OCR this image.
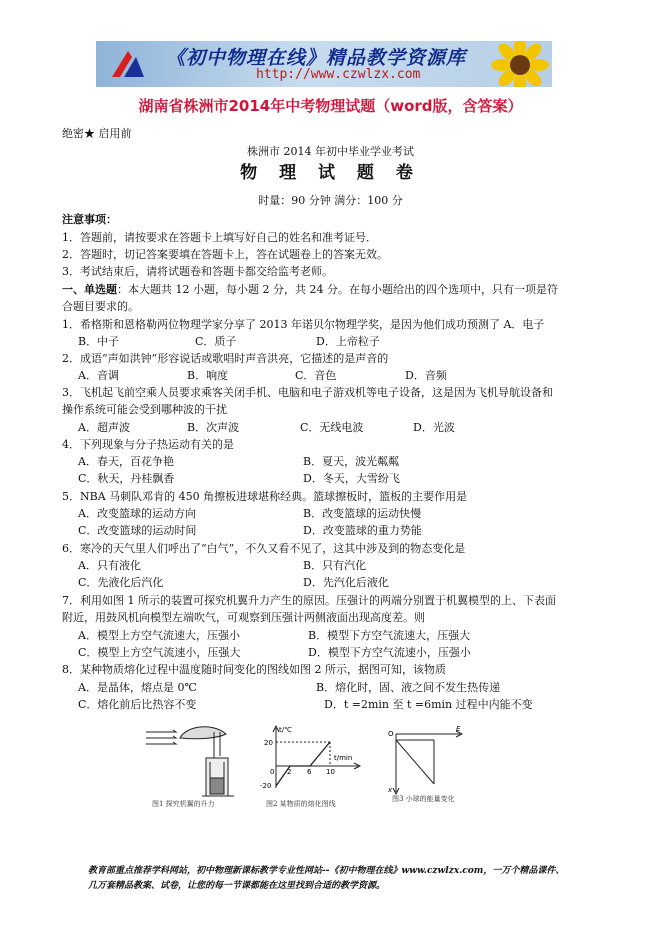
《初中物理在线》精品教学资源库
http://www.czwlzx.com
湖南省株洲市2014年中考物理试题（word版，含答案）
绝密★ 启用前
株洲市 2014 年初中毕业学业考试
物 理 试 题 卷
时量：90 分钟 满分：100 分
注意事项：
1．答题前，请按要求在答题卡上填写好自己的姓名和准考证号．
2．答题时，切记答案要填在答题卡上，答在试题卷上的答案无效。
3．考试结束后，请将试题卷和答题卡都交给监考老师。
一、单选题：本大题共 12 小题，每小题 2 分，共 24 分。在每小题给出的四个选项中，只有一项是符
合题目要求的。
1．希格斯和恩格勒两位物理学家分享了 2013 年诺贝尔物理学奖，是因为他们成功预测了 A．电子
B．中子	C．质子	D．上帝粒子
2．成语“声如洪钟”形容说话或歌唱时声音洪亮，它描述的是声音的
A．音调	B．响度	C．音色	D．音频
3．飞机起飞前空乘人员要求乘客关闭手机、电脑和电子游戏机等电子设备，这是因为飞机导航设备和
操作系统可能会受到哪种波的干扰
A．超声波	B．次声波	C．无线电波	D．光波
4．下列现象与分子热运动有关的是
A．春天，百花争艳	B．夏天，波光粼粼
C．秋天，丹桂飘香	D．冬天，大雪纷飞
5．NBA 马刺队邓肯的 450 角擦板进球堪称经典。篮球擦板时，篮板的主要作用是
A．改变篮球的运动方向	B．改变篮球的运动快慢
C．改变篮球的运动时间	D．改变篮球的重力势能
6．寒冷的天气里人们呼出了“白气”，不久又看不见了，这其中涉及到的物态变化是
A．只有液化	B．只有汽化
C．先液化后汽化	D．先汽化后液化
7．利用如图 1 所示的装置可探究机翼升力产生的原因。压强计的两端分别置于机翼模型的上、下表面
附近，用鼓风机向模型左端吹气，可观察到压强计两侧液面出现高度差。则
A．模型上方空气流速大，压强小	B．模型下方空气流速大，压强大
C．模型上方空气流速小，压强大	D．模型下方空气流速小，压强小
8．某种物质熔化过程中温度随时间变化的图线如图 2 所示，据图可知，该物质
A．是晶体，熔点是 0℃	B．熔化时，固、液之间不发生热传递
C．熔化前后比热容不变	D．t =2min 至 t =6min 过程中内能不变
图1 探究机翼的升力
t/℃
t/min
20
-20
0 2 6 10
图2 某物质的熔化图线
O
E
x
图3 小球的能量变化
教育部重点推荐学科网站，初中物理新课标教学专业性网站--《初中物理在线》www.czwlzx.com，一万个精品课件、
几万套精品教案、试卷，让您的每一节课都能在这里找到合适的教学资源。
